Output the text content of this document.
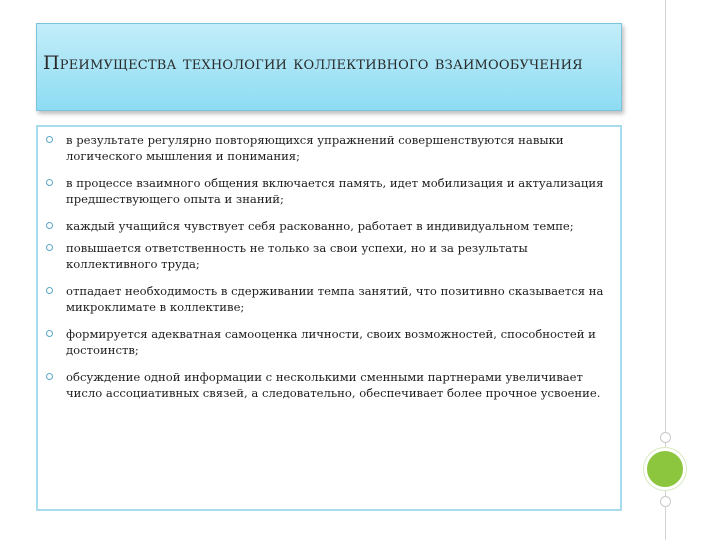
Преимущества технологии коллективного взаимообучения
в результате регулярно повторяющихся упражнений совершенствуются навыки логического мышления и понимания;
в процессе взаимного общения включается память, идет мобилизация и актуализация предшествующего опыта и знаний;
каждый учащийся чувствует себя раскованно, работает в индивидуальном темпе;
повышается ответственность не только за свои успехи, но и за результаты коллективного труда;
отпадает необходимость в сдерживании темпа занятий, что позитивно сказывается на микроклимате в коллективе;
формируется адекватная самооценка личности, своих возможностей, способностей и достоинств;
обсуждение одной информации с несколькими сменными партнерами увеличивает число ассоциативных связей, а следовательно, обеспечивает более прочное усвоение.
